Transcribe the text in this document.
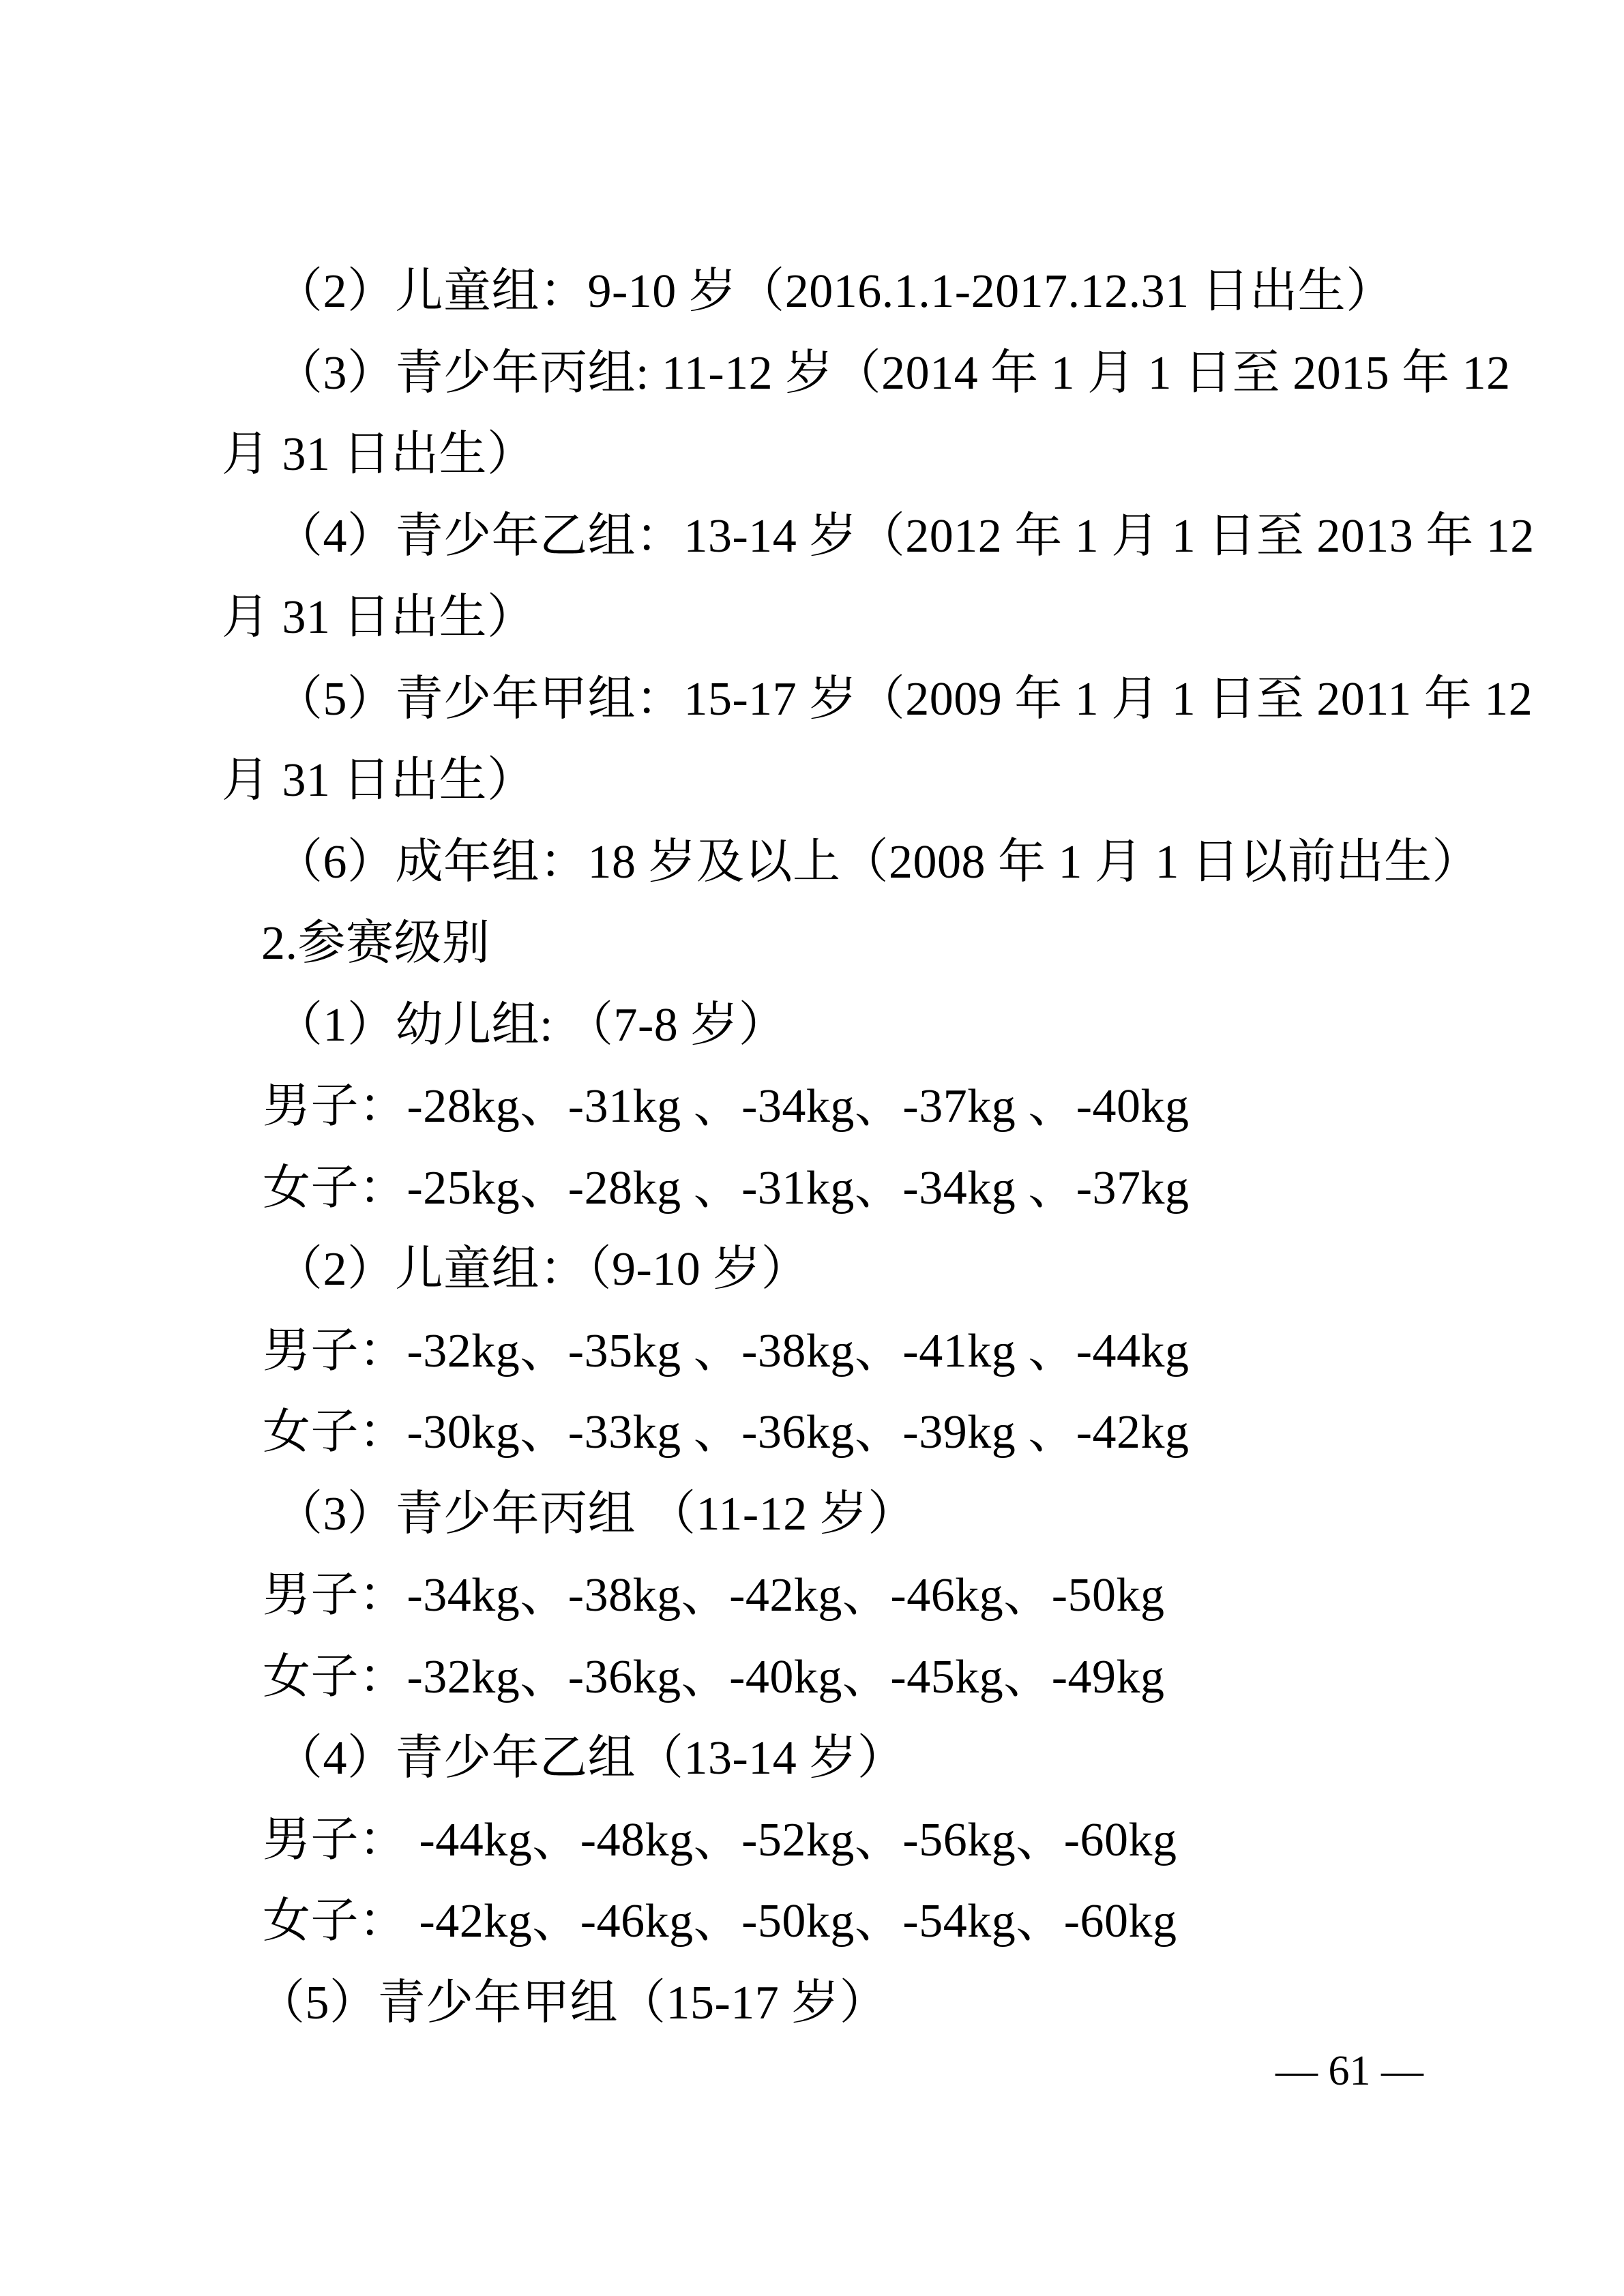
（2）儿童组：9-10 岁（2016.1.1-2017.12.31 日出生）
（3）青少年丙组: 11-12 岁（2014 年 1 月 1 日至 2015 年 12
月 31 日出生）
（4）青少年乙组：13-14 岁（2012 年 1 月 1 日至 2013 年 12
月 31 日出生）
（5）青少年甲组：15-17 岁（2009 年 1 月 1 日至 2011 年 12
月 31 日出生）
（6）成年组：18 岁及以上（2008 年 1 月 1 日以前出生）
2.参赛级别
（1）幼儿组: （7-8 岁）
男子：-28kg、-31kg 、-34kg、-37kg 、-40kg
女子：-25kg、-28kg 、-31kg、-34kg 、-37kg
（2）儿童组：（9-10 岁）
男子：-32kg、-35kg 、-38kg、-41kg 、-44kg
女子：-30kg、-33kg 、-36kg、-39kg 、-42kg
（3）青少年丙组 （11-12 岁）
男子：-34kg、-38kg、-42kg、-46kg、-50kg
女子：-32kg、-36kg、-40kg、-45kg、-49kg
（4）青少年乙组（13-14 岁）
男子： -44kg、-48kg、-52kg、-56kg、-60kg
女子： -42kg、-46kg、-50kg、-54kg、-60kg
（5）青少年甲组（15-17 岁）
— 61 —
